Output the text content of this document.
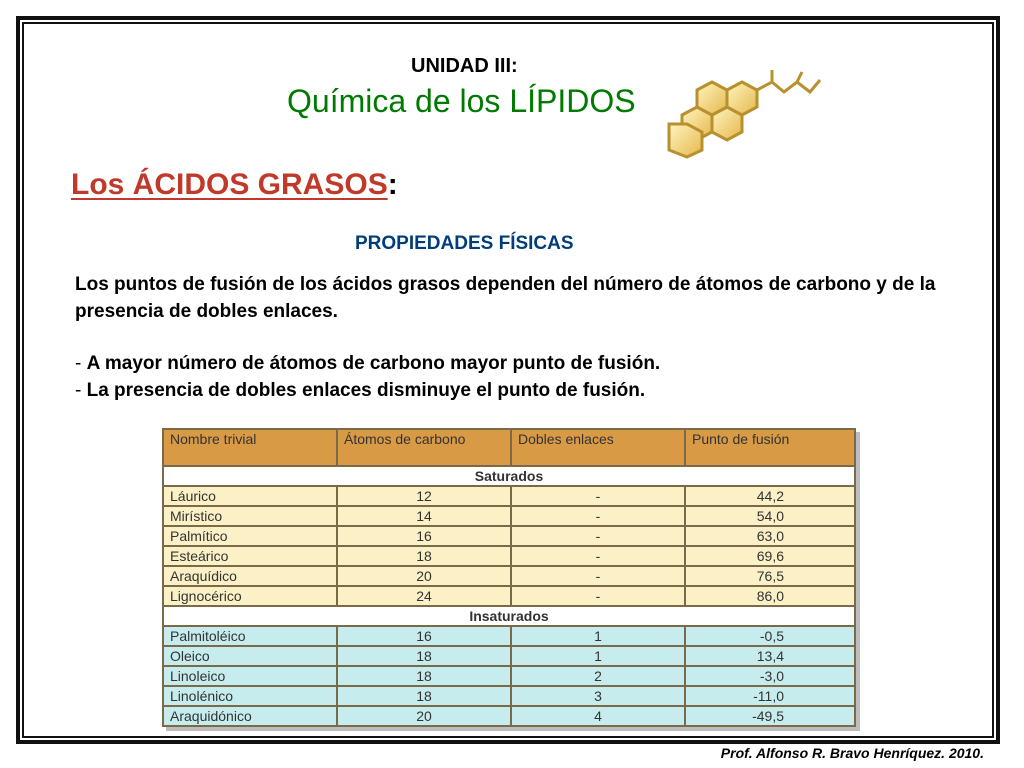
UNIDAD III:
Química de los LÍPIDOS
Los ÁCIDOS GRASOS:
PROPIEDADES FÍSICAS
Los puntos de fusión de los ácidos grasos dependen del número de átomos de carbono y de la presencia de dobles enlaces.
- A mayor número de átomos de carbono mayor punto de fusión.
- La presencia de dobles enlaces disminuye el punto de fusión.
Nombre trivial	Átomos de carbono	Dobles enlaces	Punto de fusión
Saturados			
Láurico	12	-	44,2
Mirístico	14	-	54,0
Palmítico	16	-	63,0
Esteárico	18	-	69,6
Araquídico	20	-	76,5
Lignocérico	24	-	86,0
Insaturados			
Palmitoléico	16	1	-0,5
Oleico	18	1	13,4
Linoleico	18	2	-3,0
Linolénico	18	3	-11,0
Araquidónico	20	4	-49,5
Prof. Alfonso R. Bravo Henríquez. 2010.
